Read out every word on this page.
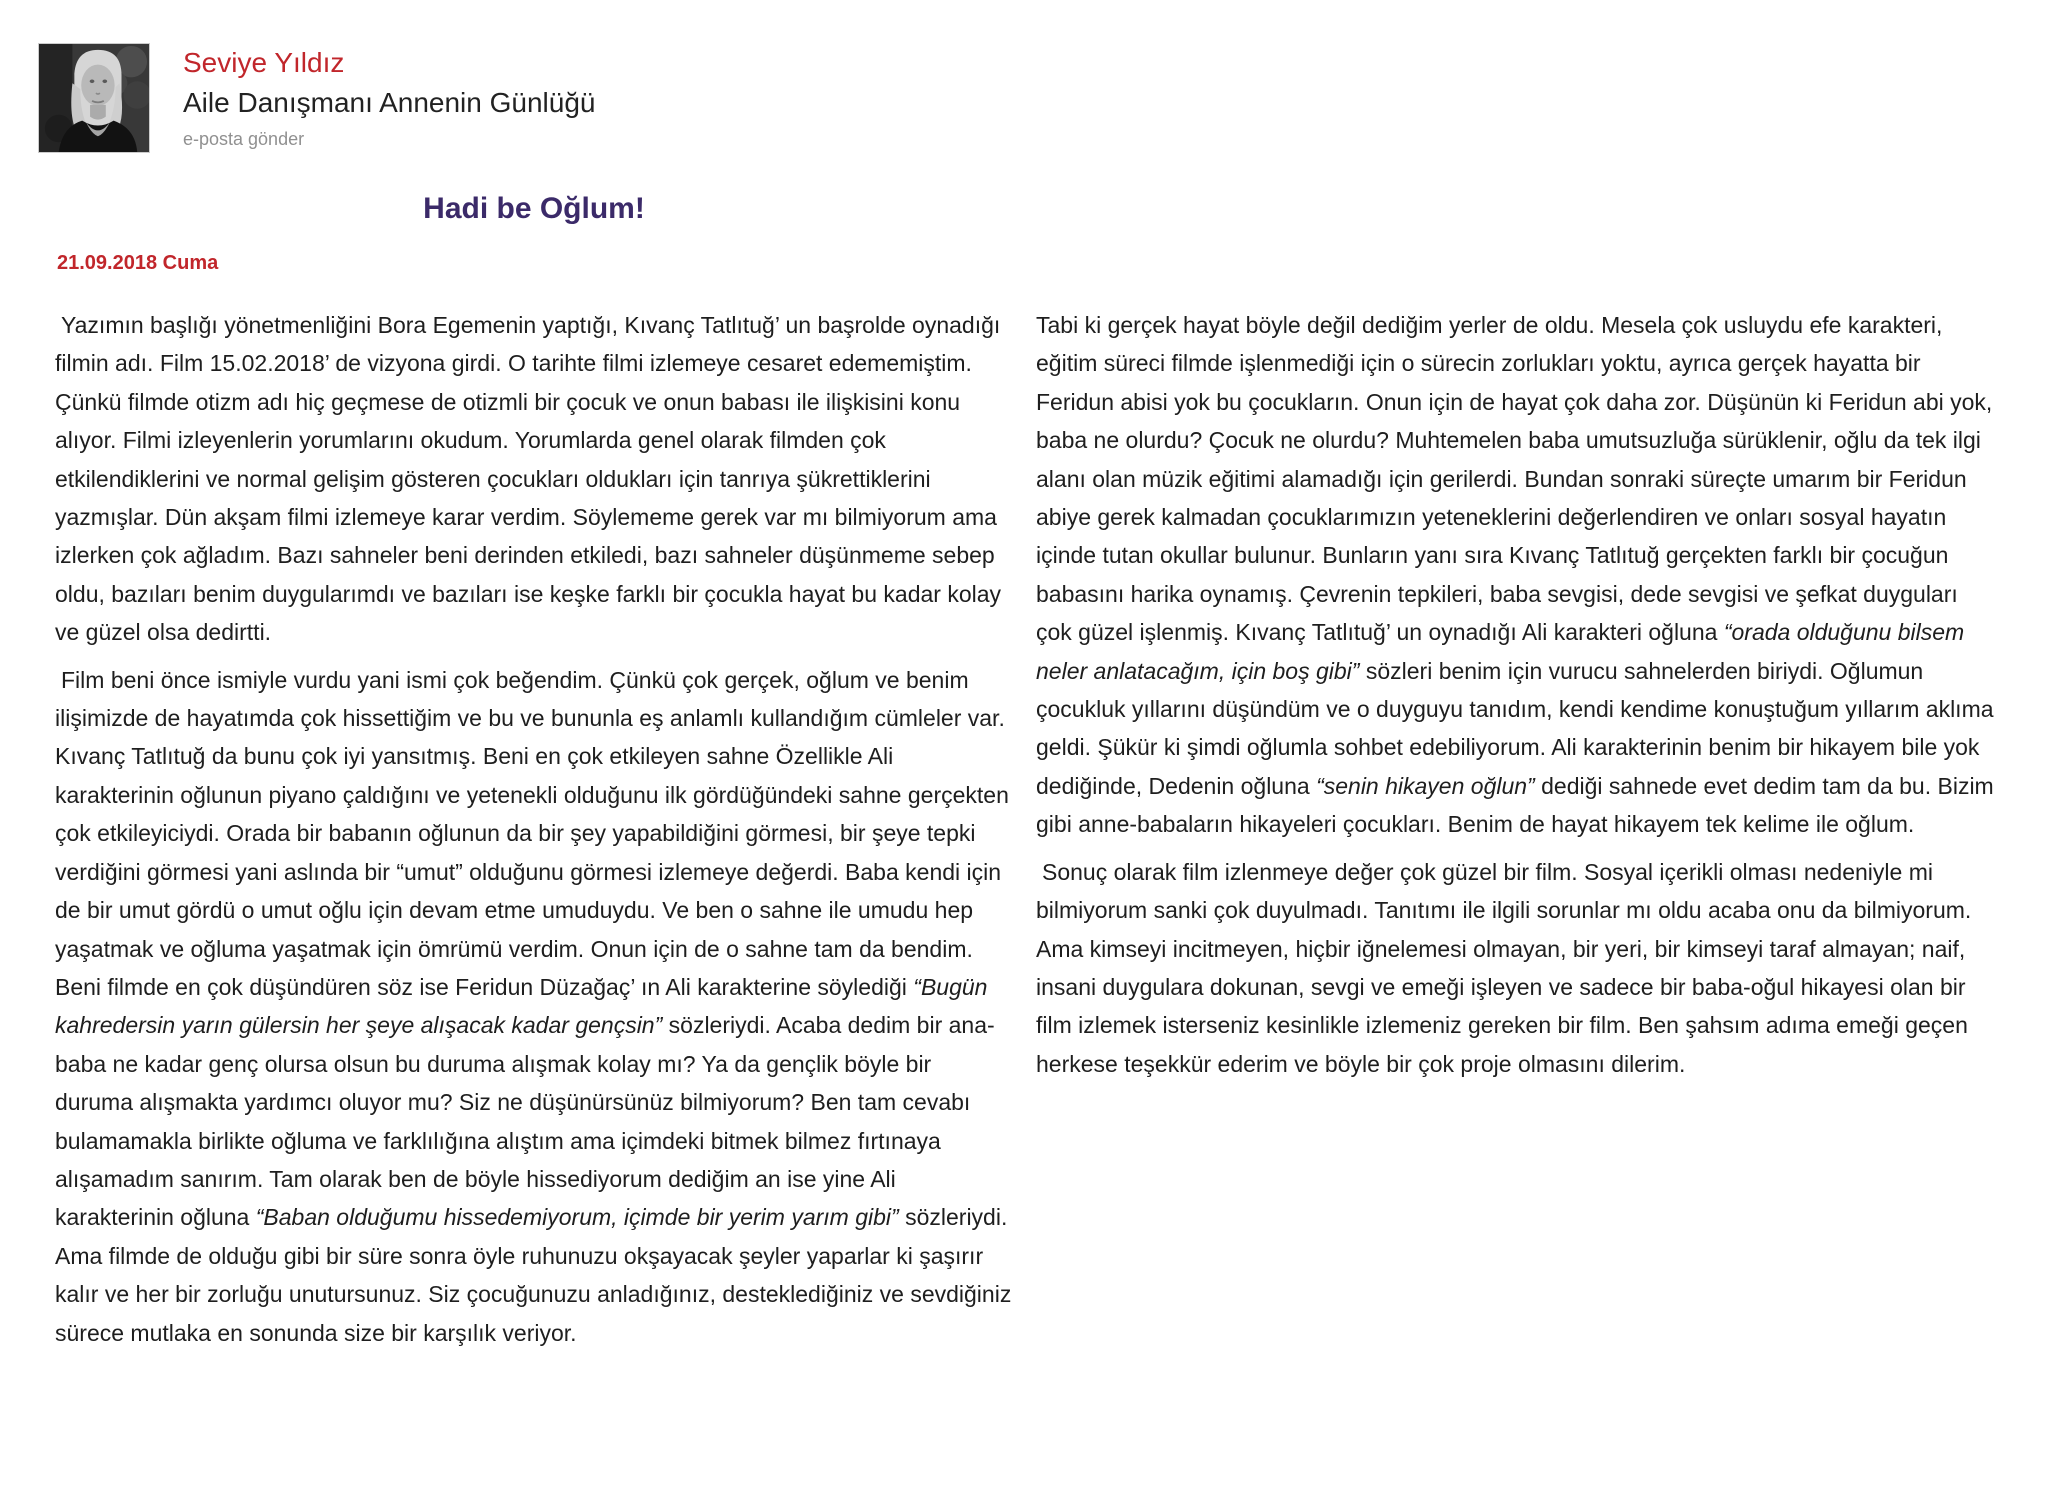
Seviye Yıldız
Aile Danışmanı Annenin Günlüğü
e-posta gönder
Hadi be Oğlum!
21.09.2018 Cuma

Yazımın başlığı yönetmenliğini Bora Egemenin yaptığı, Kıvanç Tatlıtuğ’ un başrolde oynadığı filmin adı. Film 15.02.2018’ de vizyona girdi. O tarihte filmi izlemeye cesaret edememiştim. Çünkü filmde otizm adı hiç geçmese de otizmli bir çocuk ve onun babası ile ilişkisini konu alıyor. Filmi izleyenlerin yorumlarını okudum. Yorumlarda genel olarak filmden çok etkilendiklerini ve normal gelişim gösteren çocukları oldukları için tanrıya şükrettiklerini yazmışlar. Dün akşam filmi izlemeye karar verdim. Söylememe gerek var mı bilmiyorum ama izlerken çok ağladım. Bazı sahneler beni derinden etkiledi, bazı sahneler düşünmeme sebep oldu, bazıları benim duygularımdı ve bazıları ise keşke farklı bir çocukla hayat bu kadar kolay ve güzel olsa dedirtti.

Film beni önce ismiyle vurdu yani ismi çok beğendim. Çünkü çok gerçek, oğlum ve benim ilişimizde de hayatımda çok hissettiğim ve bu ve bununla eş anlamlı kullandığım cümleler var. Kıvanç Tatlıtuğ da bunu çok iyi yansıtmış. Beni en çok etkileyen sahne Özellikle Ali karakterinin oğlunun piyano çaldığını ve yetenekli olduğunu ilk gördüğündeki sahne gerçekten çok etkileyiciydi. Orada bir babanın oğlunun da bir şey yapabildiğini görmesi, bir şeye tepki verdiğini görmesi yani aslında bir “umut” olduğunu görmesi izlemeye değerdi. Baba kendi için de bir umut gördü o umut oğlu için devam etme umuduydu. Ve ben o sahne ile umudu hep yaşatmak ve oğluma yaşatmak için ömrümü verdim. Onun için de o sahne tam da bendim. Beni filmde en çok düşündüren söz ise Feridun Düzağaç’ ın Ali karakterine söylediği “Bugün kahredersin yarın gülersin her şeye alışacak kadar gençsin” sözleriydi. Acaba dedim bir ana-baba ne kadar genç olursa olsun bu duruma alışmak kolay mı? Ya da gençlik böyle bir duruma alışmakta yardımcı oluyor mu? Siz ne düşünürsünüz bilmiyorum? Ben tam cevabı bulamamakla birlikte oğluma ve farklılığına alıştım ama içimdeki bitmek bilmez fırtınaya alışamadım sanırım. Tam olarak ben de böyle hissediyorum dediğim an ise yine Ali karakterinin oğluna “Baban olduğumu hissedemiyorum, içimde bir yerim yarım gibi” sözleriydi. Ama filmde de olduğu gibi bir süre sonra öyle ruhunuzu okşayacak şeyler yaparlar ki şaşırır kalır ve her bir zorluğu unutursunuz. Siz çocuğunuzu anladığınız, desteklediğiniz ve sevdiğiniz sürece mutlaka en sonunda size bir karşılık veriyor.

Tabi ki gerçek hayat böyle değil dediğim yerler de oldu. Mesela çok usluydu efe karakteri, eğitim süreci filmde işlenmediği için o sürecin zorlukları yoktu, ayrıca gerçek hayatta bir Feridun abisi yok bu çocukların. Onun için de hayat çok daha zor. Düşünün ki Feridun abi yok, baba ne olurdu? Çocuk ne olurdu? Muhtemelen baba umutsuzluğa sürüklenir, oğlu da tek ilgi alanı olan müzik eğitimi alamadığı için gerilerdi. Bundan sonraki süreçte umarım bir Feridun abiye gerek kalmadan çocuklarımızın yeteneklerini değerlendiren ve onları sosyal hayatın içinde tutan okullar bulunur. Bunların yanı sıra Kıvanç Tatlıtuğ gerçekten farklı bir çocuğun babasını harika oynamış. Çevrenin tepkileri, baba sevgisi, dede sevgisi ve şefkat duyguları çok güzel işlenmiş. Kıvanç Tatlıtuğ’ un oynadığı Ali karakteri oğluna “orada olduğunu bilsem neler anlatacağım, için boş gibi” sözleri benim için vurucu sahnelerden biriydi. Oğlumun çocukluk yıllarını düşündüm ve o duyguyu tanıdım, kendi kendime konuştuğum yıllarım aklıma geldi. Şükür ki şimdi oğlumla sohbet edebiliyorum. Ali karakterinin benim bir hikayem bile yok dediğinde, Dedenin oğluna “senin hikayen oğlun” dediği sahnede evet dedim tam da bu. Bizim gibi anne-babaların hikayeleri çocukları. Benim de hayat hikayem tek kelime ile oğlum.

Sonuç olarak film izlenmeye değer çok güzel bir film. Sosyal içerikli olması nedeniyle mi bilmiyorum sanki çok duyulmadı. Tanıtımı ile ilgili sorunlar mı oldu acaba onu da bilmiyorum. Ama kimseyi incitmeyen, hiçbir iğnelemesi olmayan, bir yeri, bir kimseyi taraf almayan; naif, insani duygulara dokunan, sevgi ve emeği işleyen ve sadece bir baba-oğul hikayesi olan bir film izlemek isterseniz kesinlikle izlemeniz gereken bir film. Ben şahsım adıma emeği geçen herkese teşekkür ederim ve böyle bir çok proje olmasını dilerim.
